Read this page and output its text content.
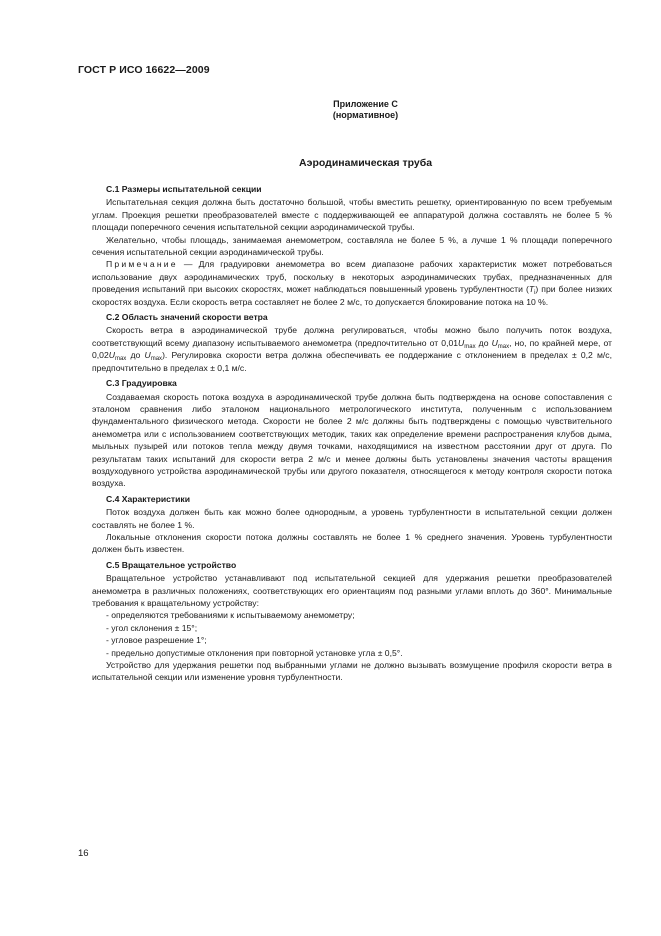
ГОСТ Р ИСО 16622—2009
Приложение С
(нормативное)
Аэродинамическая труба
С.1 Размеры испытательной секции

Испытательная секция должна быть достаточно большой, чтобы вместить решетку, ориентированную по всем требуемым углам. Проекция решетки преобразователей вместе с поддерживающей ее аппаратурой должна составлять не более 5 % площади поперечного сечения испытательной секции аэродинамической трубы.

Желательно, чтобы площадь, занимаемая анемометром, составляла не более 5 %, а лучше 1 % площади поперечного сечения испытательной секции аэродинамической трубы.

Примечание — Для градуировки анемометра во всем диапазоне рабочих характеристик может потребоваться использование двух аэродинамических труб, поскольку в некоторых аэродинамических трубах, предназначенных для проведения испытаний при высоких скоростях, может наблюдаться повышенный уровень турбулентности $(T_i)$ при более низких скоростях воздуха. Если скорость ветра составляет не более 2 м/с, то допускается блокирование потока на 10 %.

С.2 Область значений скорости ветра

Скорость ветра в аэродинамической трубе должна регулироваться, чтобы можно было получить поток воздуха, соответствующий всему диапазону испытываемого анемометра (предпочтительно от $0,01U_{max}$ до $U_{max}$, но, по крайней мере, от $0,02U_{max}$ до $U_{max}$). Регулировка скорости ветра должна обеспечивать ее поддержание с отклонением в пределах ± 0,2 м/с, предпочтительно в пределах ± 0,1 м/с.

С.3 Градуировка

Создаваемая скорость потока воздуха в аэродинамической трубе должна быть подтверждена на основе сопоставления с эталоном сравнения либо эталоном национального метрологического института, полученным с использованием фундаментального физического метода. Скорости не более 2 м/с должны быть подтверждены с помощью чувствительного анемометра или с использованием соответствующих методик, таких как определение времени распространения клубов дыма, мыльных пузырей или потоков тепла между двумя точками, находящимися на известном расстоянии друг от друга. По результатам таких испытаний для скорости ветра 2 м/с и менее должны быть установлены значения частоты вращения воздуходувного устройства аэродинамической трубы или другого показателя, относящегося к методу контроля скорости потока воздуха.

С.4 Характеристики

Поток воздуха должен быть как можно более однородным, а уровень турбулентности в испытательной секции должен составлять не более 1 %.

Локальные отклонения скорости потока должны составлять не более 1 % среднего значения. Уровень турбулентности должен быть известен.

С.5 Вращательное устройство

Вращательное устройство устанавливают под испытательной секцией для удержания решетки преобразователей анемометра в различных положениях, соответствующих его ориентациям под разными углами вплоть до 360°. Минимальные требования к вращательному устройству:

- определяются требованиями к испытываемому анемометру;
- угол склонения ± 15°;
- угловое разрешение 1°;
- предельно допустимые отклонения при повторной установке угла ± 0,5°.

Устройство для удержания решетки под выбранными углами не должно вызывать возмущение профиля скорости ветра в испытательной секции или изменение уровня турбулентности.

16
